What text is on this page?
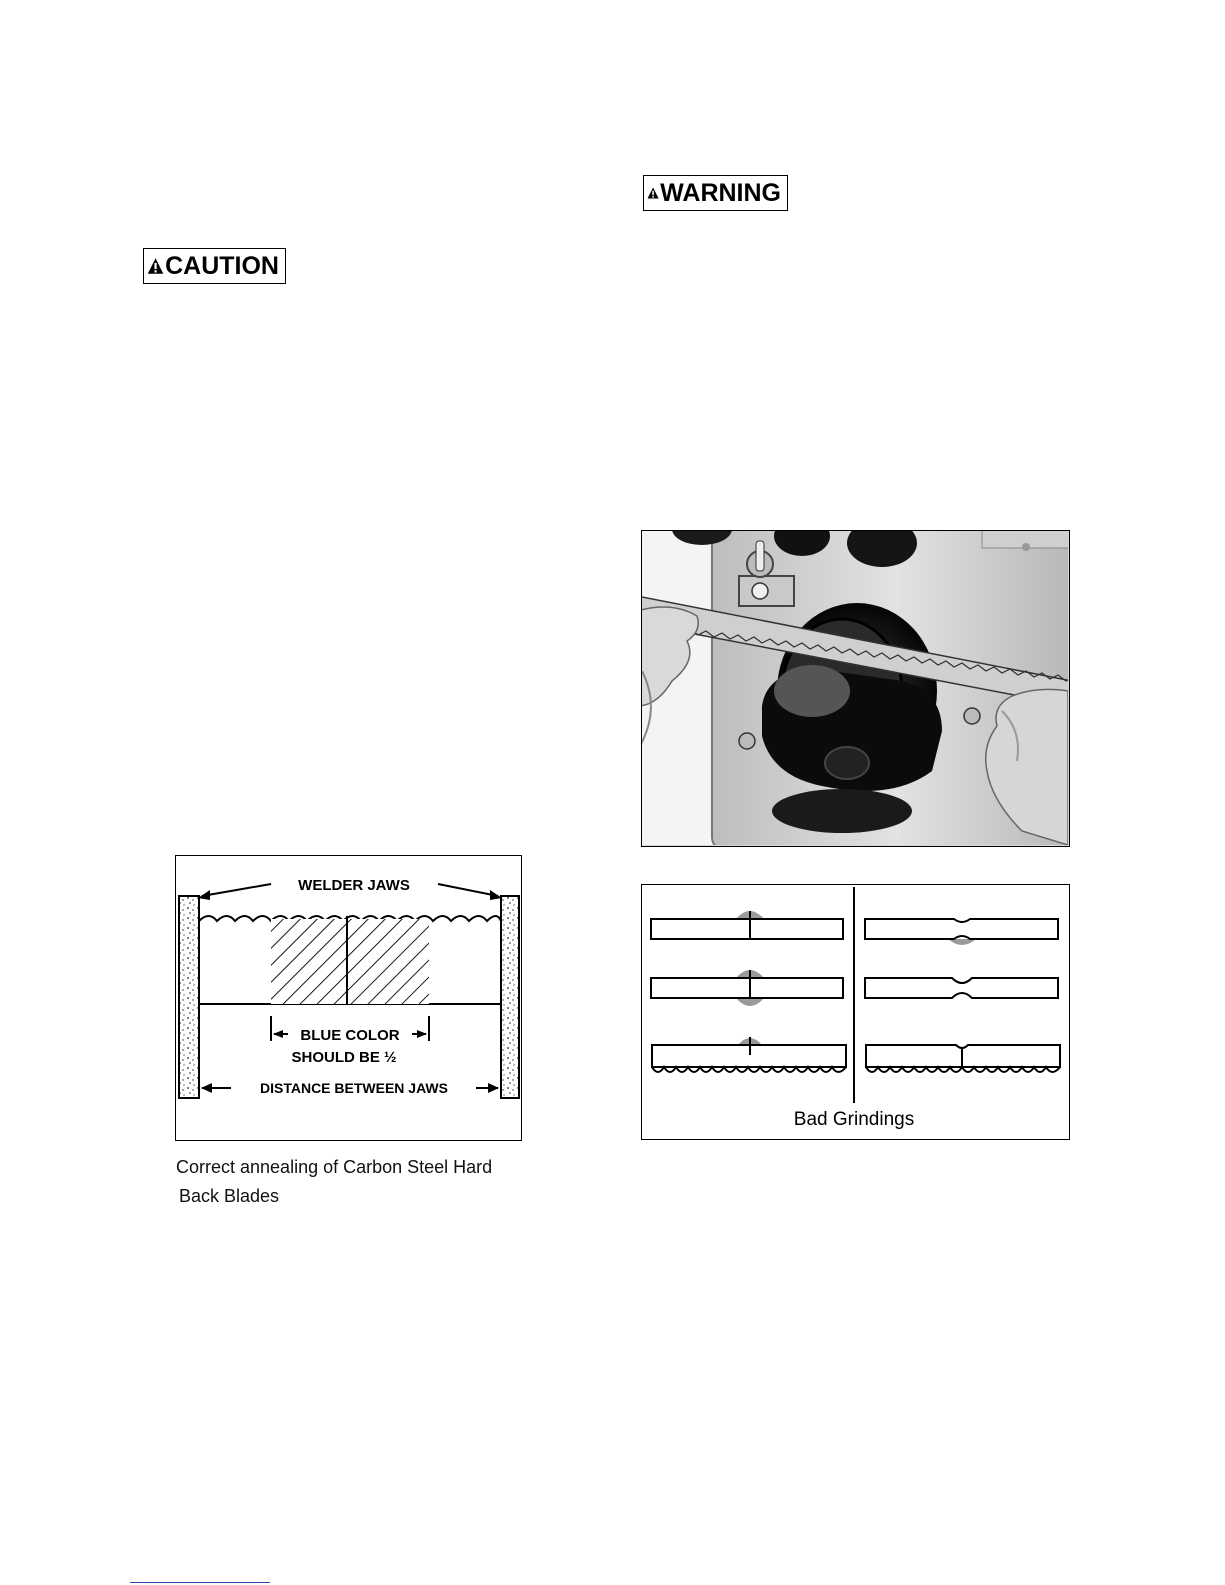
CAUTION
WARNING
WELDER JAWS
BLUE COLOR
SHOULD BE ½
DISTANCE BETWEEN JAWS
Correct annealing of Carbon Steel Hard
Back Blades
Bad Grindings
